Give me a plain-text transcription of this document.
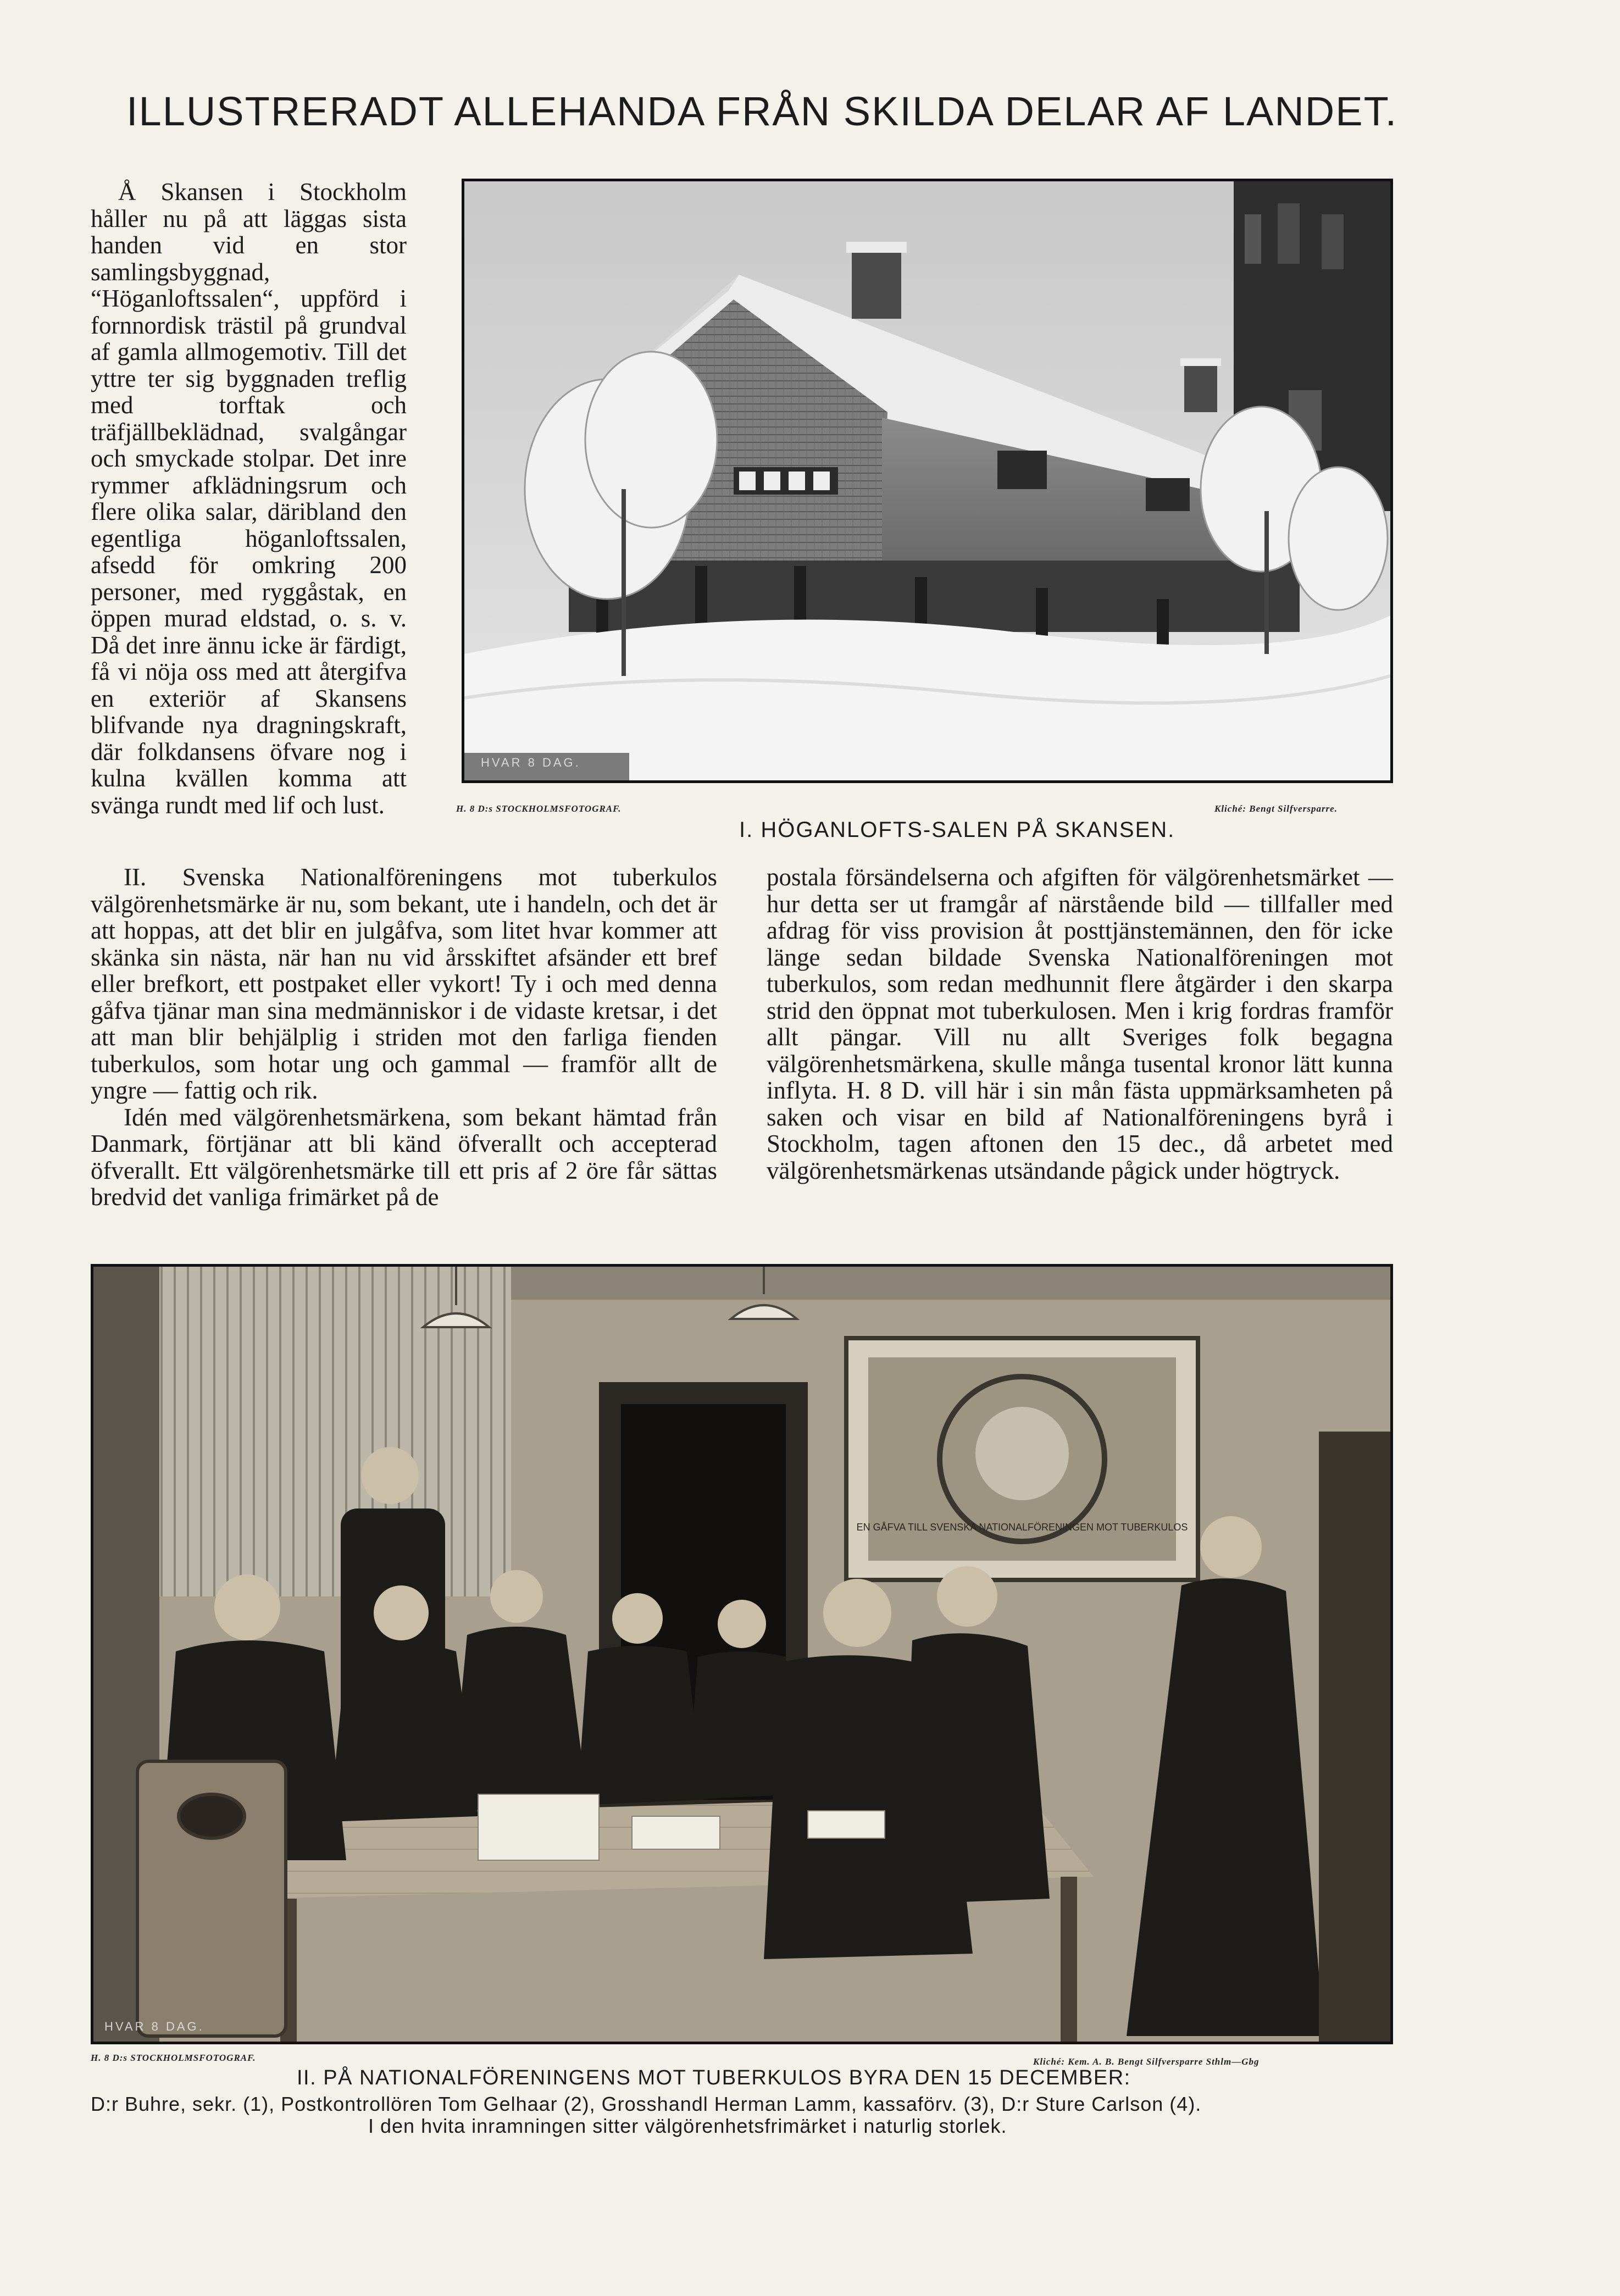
ILLUSTRERADT ALLEHANDA FRÅN SKILDA DELAR AF LANDET.

Å Skansen i Stockholm håller nu på att läggas sista handen vid en stor samlingsbyggnad, “Höganloftssalen“, uppförd i fornnordisk trästil på grundval af gamla allmogemotiv. Till det yttre ter sig byggnaden treflig med torftak och träfjällbeklädnad, svalgångar och smyckade stolpar. Det inre rymmer afklädningsrum och flere olika salar, däribland den egentliga höganloftssalen, afsedd för omkring 200 personer, med ryggåstak, en öppen murad eldstad, o. s. v. Då det inre ännu icke är färdigt, få vi nöja oss med att återgifva en exteriör af Skansens blifvande nya dragningskraft, där folkdansens öfvare nog i kulna kvällen komma att svänga rundt med lif och lust.

HVAR 8 DAG.
H. 8 D:s STOCKHOLMSFOTOGRAF.	Kliché: Bengt Silfversparre.
I. HÖGANLOFTS-SALEN PÅ SKANSEN.

II. Svenska Nationalföreningens mot tuberkulos välgörenhetsmärke är nu, som bekant, ute i handeln, och det är att hoppas, att det blir en julgåfva, som litet hvar kommer att skänka sin nästa, när han nu vid årsskiftet afsänder ett bref eller brefkort, ett postpaket eller vykort! Ty i och med denna gåfva tjänar man sina medmänniskor i de vidaste kretsar, i det att man blir behjälplig i striden mot den farliga fienden tuberkulos, som hotar ung och gammal — framför allt de yngre — fattig och rik.

Idén med välgörenhetsmärkena, som bekant hämtad från Danmark, förtjänar att bli känd öfverallt och accepterad öfverallt. Ett välgörenhetsmärke till ett pris af 2 öre får sättas bredvid det vanliga frimärket på de

postala försändelserna och afgiften för välgörenhetsmärket — hur detta ser ut framgår af närstående bild — tillfaller med afdrag för viss provision åt posttjänstemännen, den för icke länge sedan bildade Svenska Nationalföreningen mot tuberkulos, som redan medhunnit flere åtgärder i den skarpa strid den öppnat mot tuberkulosen. Men i krig fordras framför allt pängar. Vill nu allt Sveriges folk begagna välgörenhetsmärkena, skulle många tusental kronor lätt kunna inflyta. H. 8 D. vill här i sin mån fästa uppmärksamheten på saken och visar en bild af Nationalföreningens byrå i Stockholm, tagen aftonen den 15 dec., då arbetet med välgörenhetsmärkenas utsändande pågick under högtryck.

EN GÅFVA TILL SVENSKA NATIONALFÖRENINGEN MOT TUBERKULOS
HVAR 8 DAG.
H. 8 D:s STOCKHOLMSFOTOGRAF.	Kliché: Kem. A. B. Bengt Silfversparre Sthlm—Gbg
II. PÅ NATIONALFÖRENINGENS MOT TUBERKULOS BYRA DEN 15 DECEMBER:
D:r Buhre, sekr. (1), Postkontrollören Tom Gelhaar (2), Grosshandl Herman Lamm, kassaförv. (3), D:r Sture Carlson (4).
I den hvita inramningen sitter välgörenhetsfrimärket i naturlig storlek.
